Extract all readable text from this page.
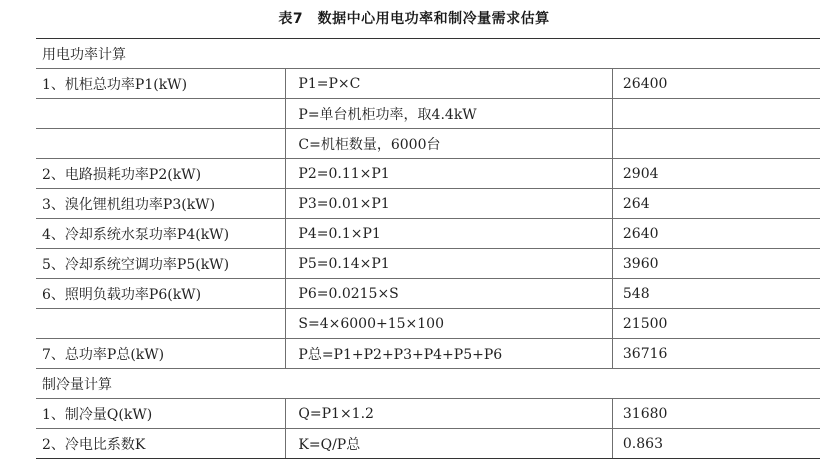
表7　数据中心用电功率和制冷量需求估算
用电功率计算		
1、机柜总功率P1(kW)	P1=P×C	26400
	P=单台机柜功率，取4.4kW	
	C=机柜数量，6000台	
2、电路损耗功率P2(kW)	P2=0.11×P1	2904
3、溴化锂机组功率P3(kW)	P3=0.01×P1	264
4、冷却系统水泵功率P4(kW)	P4=0.1×P1	2640
5、冷却系统空调功率P5(kW)	P5=0.14×P1	3960
6、照明负载功率P6(kW)	P6=0.0215×S	548
	S=4×6000+15×100	21500
7、总功率P总(kW)	P总=P1+P2+P3+P4+P5+P6	36716
制冷量计算		
1、制冷量Q(kW)	Q=P1×1.2	31680
2、冷电比系数K	K=Q/P总	0.863
